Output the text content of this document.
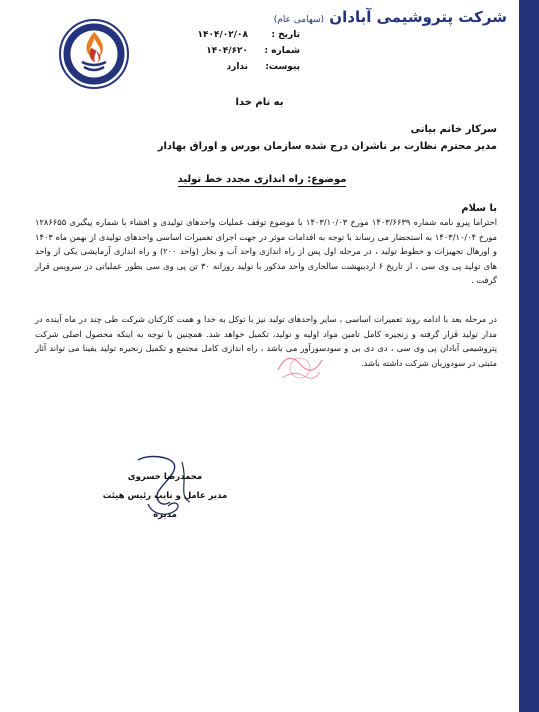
شرکت پتروشیمی آبادان (سهامی عام)
تاریخ :
۱۴۰۴/۰۲/۰۸
شماره :
۱۴۰۴/۶۲۰
پیوست:
ندارد
به نام خدا
سرکار خانم بیانی
مدیر محترم نظارت بر ناشران درج شده سازمان بورس و اوراق بهادار
موضوع: راه اندازی مجدد خط تولید
با سلام
احتراما پیرو نامه شماره ۱۴۰۳/۶۶۳۹ مورخ ۱۴۰۳/۱۰/۰۳ با موضوع توقف عملیات واحدهای تولیدی و افشاء با شماره پیگیری ۱۲۸۶۶۵۵ مورخ ۱۴۰۳/۱۰/۰۴ به استحضار می رساند با توجه به اقدامات موثر در جهت اجرای تعمیرات اساسی واحدهای تولیدی از بهمن ماه ۱۴۰۳ و اورهال تجهیزات و خطوط تولید ، در مرحله اول پس از راه اندازی واحد آب و بخار (واحد ۲۰۰) و راه اندازی آزمایشی یکی از واحد های تولید پی وی سی ، از تاریخ ۶ اردیبهشت سالجاری واحد مذکور با تولید روزانه ۳۰ تن پی وی سی بطور عملیاتی در سرویس قرار گرفت .
در مرحله بعد با ادامه روند تعمیرات اساسی ، سایر واحدهای تولید نیز با توکل به خدا و همت کارکنان شرکت طی چند در ماه آینده در مدار تولید قرار گرفته و زنجیره کامل تامین مواد اولیه و تولید، تکمیل خواهد شد. همچنین با توجه به اینکه محصول اصلی شرکت پتروشیمی آبادان پی وی سی ، دی دی بی و سودسوزآور می باشد ، راه اندازی کامل مجتمع و تکمیل زنجیره تولید یقینا می تواند آثار مثبتی در سودوزیان شرکت داشته باشد.
محمدرضا خسروی
مدیر عامل و نایب رئیس هیئت مدیره
